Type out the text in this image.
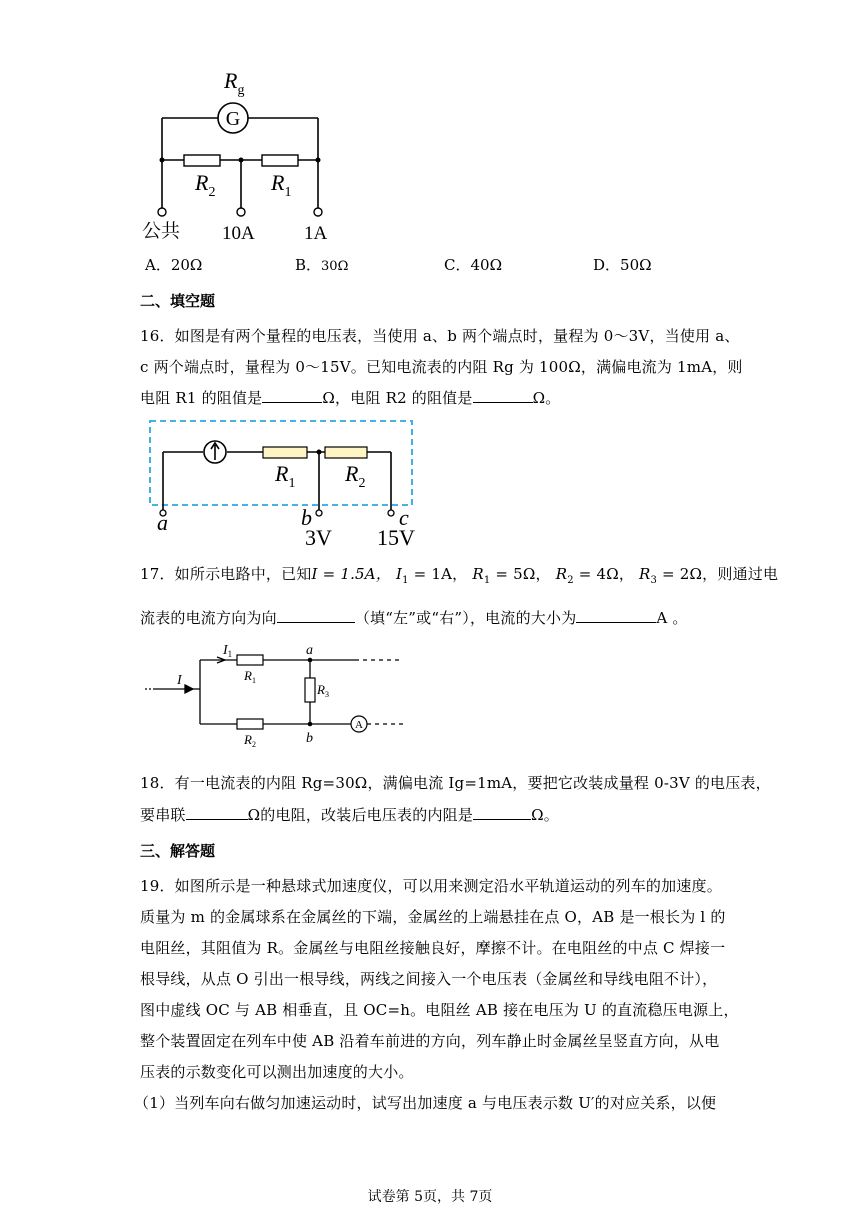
G
$R_g$
$R_2$	$R_1$
公共 10A	1A
A．20Ω	B．30Ω	C．40Ω	D．50Ω
二、填空题
16．如图是有两个量程的电压表，当使用 a、b 两个端点时，量程为 0～3V，当使用 a、
c 两个端点时，量程为 0～15V。已知电流表的内阻 Rg 为 100Ω，满偏电流为 1mA，则
电阻 R1 的阻值是	Ω，电阻 R2 的阻值是	Ω。
$R_1$ $R_2$
a	b	c
3V 15V
17．如所示电路中，已知I = 1.5A， $I_1 = 1A$， $R_1 = 5\Omega$， $R_2 = 4\Omega$， $R_3 = 2\Omega$，则通过电
流表的电流方向为向	（填“左”或“右”），电流的大小为	A 。
A
$I_1$
I	$R_1$
$R_2$
$R_3$
a
b
18．有一电流表的内阻 Rg=30Ω，满偏电流 Ig=1mA，要把它改装成量程 0-3V 的电压表，
要串联	Ω的电阻，改装后电压表的内阻是	Ω。
三、解答题
19．如图所示是一种悬球式加速度仪，可以用来测定沿水平轨道运动的列车的加速度。
质量为 m 的金属球系在金属丝的下端，金属丝的上端悬挂在点 O，AB 是一根长为 l 的
电阻丝，其阻值为 R。金属丝与电阻丝接触良好，摩擦不计。在电阻丝的中点 C 焊接一
根导线，从点 O 引出一根导线，两线之间接入一个电压表（金属丝和导线电阻不计），
图中虚线 OC 与 AB 相垂直，且 OC=h。电阻丝 AB 接在电压为 U 的直流稳压电源上，
整个装置固定在列车中使 AB 沿着车前进的方向，列车静止时金属丝呈竖直方向，从电
压表的示数变化可以测出加速度的大小。
（1）当列车向右做匀加速运动时，试写出加速度 a 与电压表示数 U′的对应关系，以便
试卷第 5页，共 7页
